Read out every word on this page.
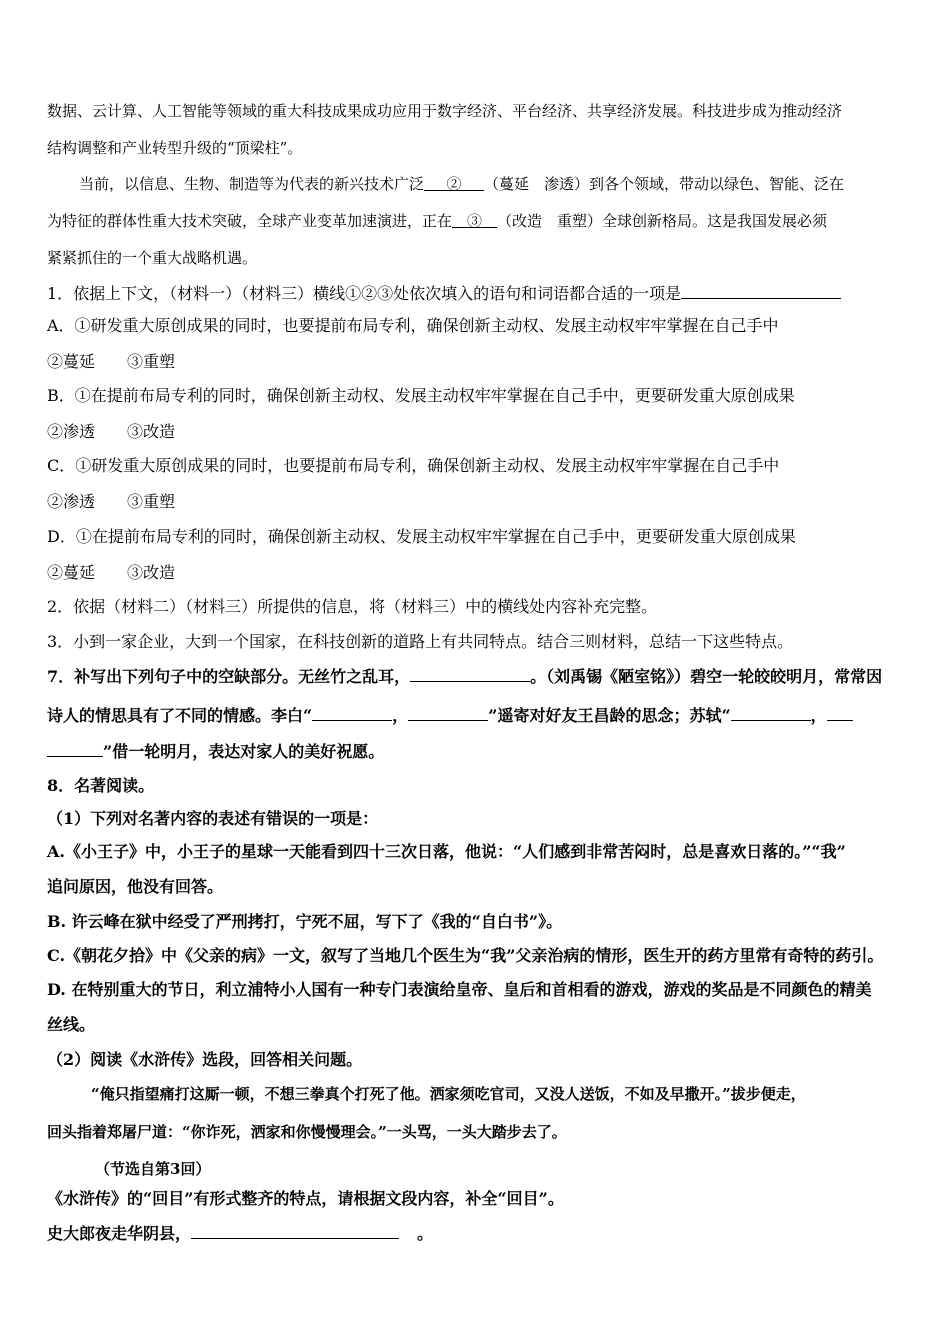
数据、云计算、人工智能等领域的重大科技成果成功应用于数字经济、平台经济、共享经济发展。科技进步成为推动经济
结构调整和产业转型升级的“顶梁柱”。
当前，以信息、生物、制造等为代表的新兴技术广泛   ②   （蔓延　渗透）到各个领域，带动以绿色、智能、泛在
为特征的群体性重大技术突破，全球产业变革加速演进，正在   ③   （改造　重塑）全球创新格局。这是我国发展必须
紧紧抓住的一个重大战略机遇。
1．依据上下文，（材料一）（材料三）横线①②③处依次填入的语句和词语都合适的一项是
A．①研发重大原创成果的同时，也要提前布局专利，确保创新主动权、发展主动权牢牢掌握在自己手中
②蔓延　　③重塑
B．①在提前布局专利的同时，确保创新主动权、发展主动权牢牢掌握在自己手中，更要研发重大原创成果
②渗透　　③改造
C．①研发重大原创成果的同时，也要提前布局专利，确保创新主动权、发展主动权牢牢掌握在自己手中
②渗透　　③重塑
D．①在提前布局专利的同时，确保创新主动权、发展主动权牢牢掌握在自己手中，更要研发重大原创成果
②蔓延　　③改造
2．依据（材料二）（材料三）所提供的信息，将（材料三）中的横线处内容补充完整。
3．小到一家企业，大到一个国家，在科技创新的道路上有共同特点。结合三则材料，总结一下这些特点。
7．补写出下列句子中的空缺部分。无丝竹之乱耳，	。（刘禹锡《陋室铭》）碧空一轮皎皎明月，常常因
诗人的情思具有了不同的情感。李白“	，	”遥寄对好友王昌龄的思念；苏轼“	，
”借一轮明月，表达对家人的美好祝愿。
8．名著阅读。
（1）下列对名著内容的表述有错误的一项是：
A.《小王子》中，小王子的星球一天能看到四十三次日落，他说：“人们感到非常苦闷时，总是喜欢日落的。”“我”
追问原因，他没有回答。
B. 许云峰在狱中经受了严刑拷打，宁死不屈，写下了《我的“自白书”》。
C.《朝花夕拾》中《父亲的病》一文，叙写了当地几个医生为“我”父亲治病的情形，医生开的药方里常有奇特的药引。
D. 在特别重大的节日，利立浦特小人国有一种专门表演给皇帝、皇后和首相看的游戏，游戏的奖品是不同颜色的精美
丝线。
（2）阅读《水浒传》选段，回答相关问题。
“俺只指望痛打这厮一顿，不想三拳真个打死了他。洒家须吃官司，又没人送饭，不如及早撒开。”拔步便走，
回头指着郑屠尸道：“你诈死，洒家和你慢慢理会。”一头骂，一头大踏步去了。
（节选自第3回）
《水浒传》的“回目”有形式整齐的特点，请根据文段内容，补全“回目”。
史大郎夜走华阴县，	。
